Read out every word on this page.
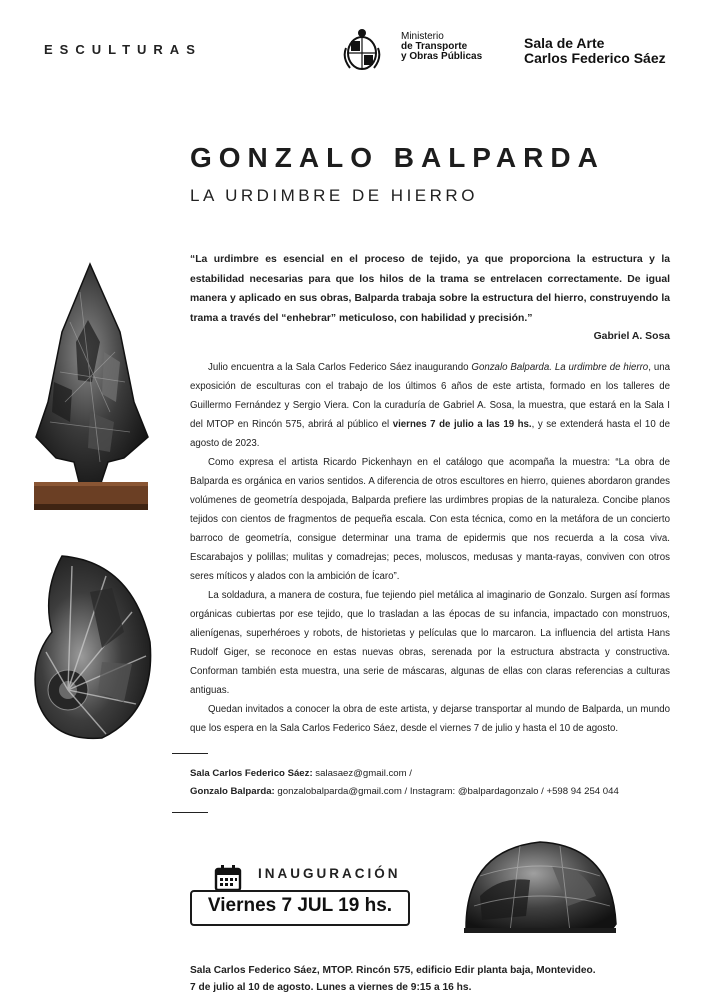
ESCULTURAS
Ministerio
de Transporte
y Obras Públicas
Sala de Arte
Carlos Federico Sáez
GONZALO BALPARDA
LA URDIMBRE DE HIERRO
“La urdimbre es esencial en el proceso de tejido, ya que proporciona la estructura y la estabilidad necesarias para que los hilos de la trama se entrelacen correctamente. De igual manera y aplicado en sus obras, Balparda trabaja sobre la estructura del hierro, construyendo la trama a través del “enhebrar” meticuloso, con habilidad y precisión.”
Gabriel A. Sosa

Julio encuentra a la Sala Carlos Federico Sáez inaugurando Gonzalo Balparda. La urdimbre de hierro, una exposición de esculturas con el trabajo de los últimos 6 años de este artista, formado en los talleres de Guillermo Fernández y Sergio Viera. Con la curaduría de Gabriel A. Sosa, la muestra, que estará en la Sala I del MTOP en Rincón 575, abrirá al público el viernes 7 de julio a las 19 hs., y se extenderá hasta el 10 de agosto de 2023.

Como expresa el artista Ricardo Pickenhayn en el catálogo que acompaña la muestra: “La obra de Balparda es orgánica en varios sentidos. A diferencia de otros escultores en hierro, quienes abordaron grandes volúmenes de geometría despojada, Balparda prefiere las urdimbres propias de la naturaleza. Concibe planos tejidos con cientos de fragmentos de pequeña escala. Con esta técnica, como en la metáfora de un concierto barroco de geometría, consigue determinar una trama de epidermis que nos recuerda a la cosa viva. Escarabajos y polillas; mulitas y comadrejas; peces, moluscos, medusas y manta-rayas, conviven con otros seres míticos y alados con la ambición de Ícaro”.

La soldadura, a manera de costura, fue tejiendo piel metálica al imaginario de Gonzalo. Surgen así formas orgánicas cubiertas por ese tejido, que lo trasladan a las épocas de su infancia, impactado con monstruos, alienígenas, superhéroes y robots, de historietas y películas que lo marcaron. La influencia del artista Hans Rudolf Giger, se reconoce en estas nuevas obras, serenada por la estructura abstracta y constructiva. Conforman también esta muestra, una serie de máscaras, algunas de ellas con claras referencias a culturas antiguas.

Quedan invitados a conocer la obra de este artista, y dejarse transportar al mundo de Balparda, un mundo que los espera en la Sala Carlos Federico Sáez, desde el viernes 7 de julio y hasta el 10 de agosto.

Sala Carlos Federico Sáez: salasaez@gmail.com /
Gonzalo Balparda: gonzalobalparda@gmail.com / Instagram: @balpardagonzalo / +598 94 254 044
INAUGURACIÓN
Viernes 7 JUL 19 hs.
Sala Carlos Federico Sáez, MTOP. Rincón 575, edificio Edir planta baja, Montevideo.
7 de julio al 10 de agosto. Lunes a viernes de 9:15 a 16 hs.
